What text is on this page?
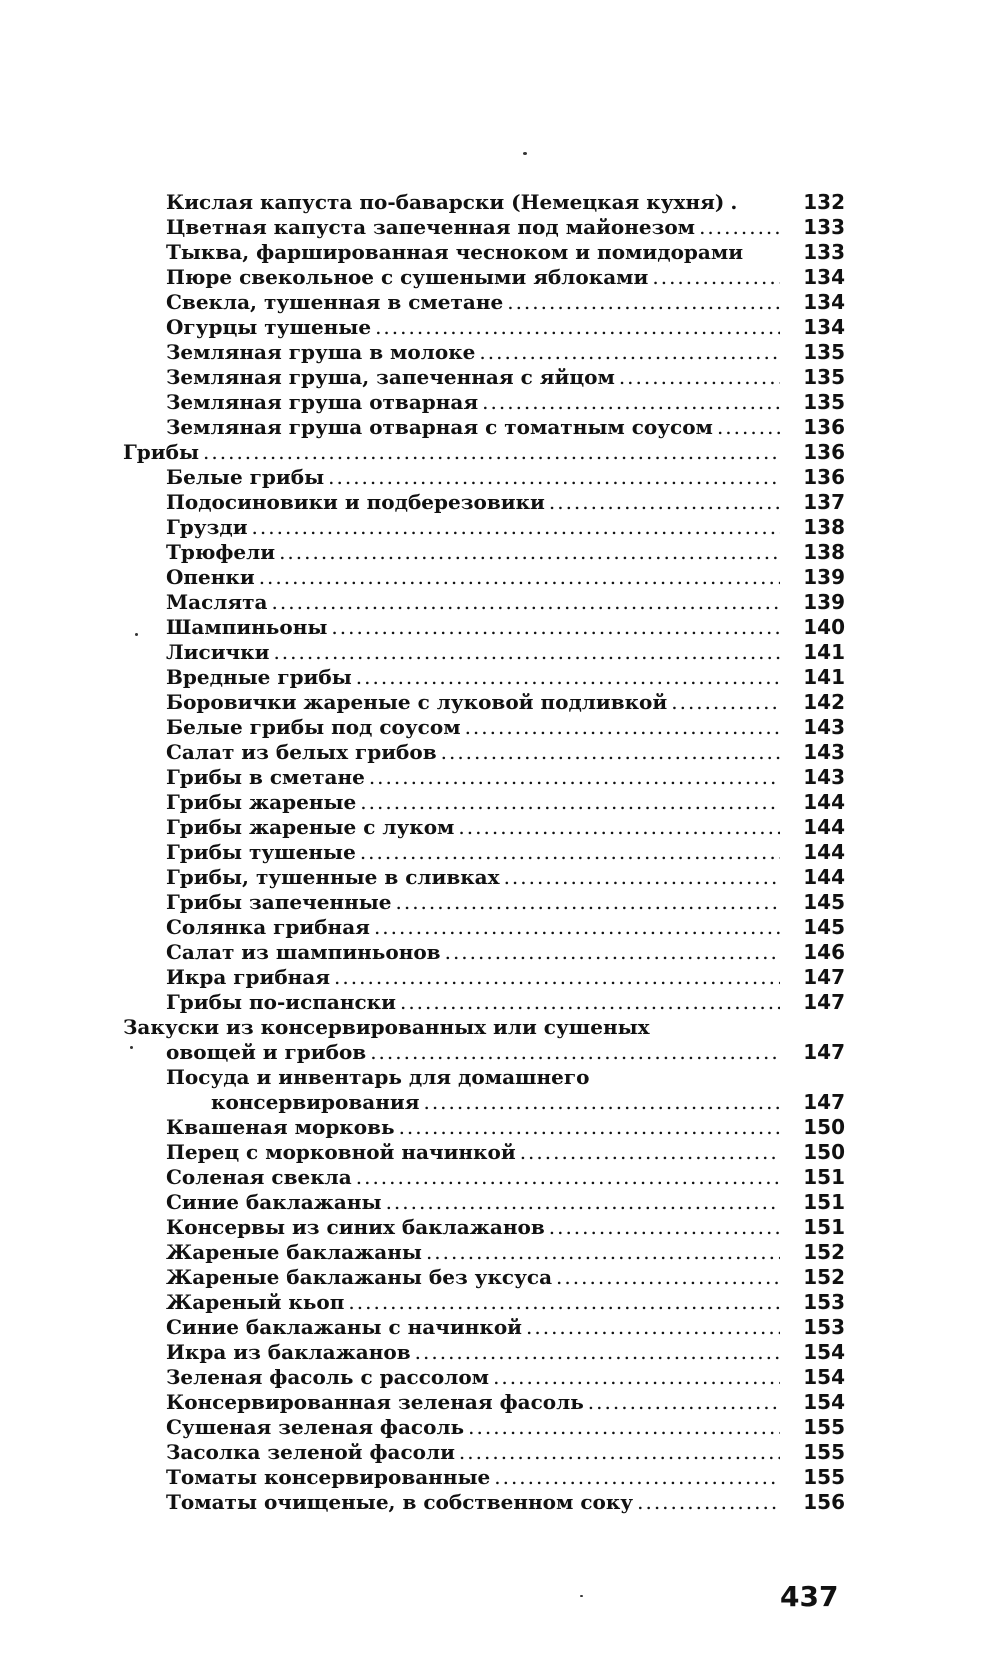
Кислая капуста по-баварски (Немецкая кухня) .	132
Цветная капуста запеченная под майонезом .....	133
Тыква, фаршированная чесноком и помидорами	133
Пюре свекольное с сушеными яблоками .....	134
Свекла, тушенная в сметане .....	134
Огурцы тушеные .....	134
Земляная груша в молоке .....	135
Земляная груша, запеченная с яйцом .....	135
Земляная груша отварная .....	135
Земляная груша отварная с томатным соусом .....	136
Грибы .....	136
Белые грибы .....	136
Подосиновики и подберезовики .....	137
Грузди .....	138
Трюфели .....	138
Опенки .....	139
Маслята .....	139
Шампиньоны .....	140
Лисички .....	141
Вредные грибы .....	141
Боровички жареные с луковой подливкой .....	142
Белые грибы под соусом .....	143
Салат из белых грибов .....	143
Грибы в сметане .....	143
Грибы жареные .....	144
Грибы жареные с луком .....	144
Грибы тушеные .....	144
Грибы, тушенные в сливках .....	144
Грибы запеченные .....	145
Солянка грибная .....	145
Салат из шампиньонов .....	146
Икра грибная .....	147
Грибы по-испански .....	147
Закуски из консервированных или сушеных
овощей и грибов .....	147
Посуда и инвентарь для домашнего
консервирования .....	147
Квашеная морковь .....	150
Перец с морковной начинкой .....	150
Соленая свекла .....	151
Синие баклажаны .....	151
Консервы из синих баклажанов .....	151
Жареные баклажаны .....	152
Жареные баклажаны без уксуса .....	152
Жареный кьоп .....	153
Синие баклажаны с начинкой .....	153
Икра из баклажанов .....	154
Зеленая фасоль с рассолом .....	154
Консервированная зеленая фасоль .....	154
Сушеная зеленая фасоль .....	155
Засолка зеленой фасоли .....	155
Томаты консервированные .....	155
Томаты очищеные, в собственном соку .....	156
437
